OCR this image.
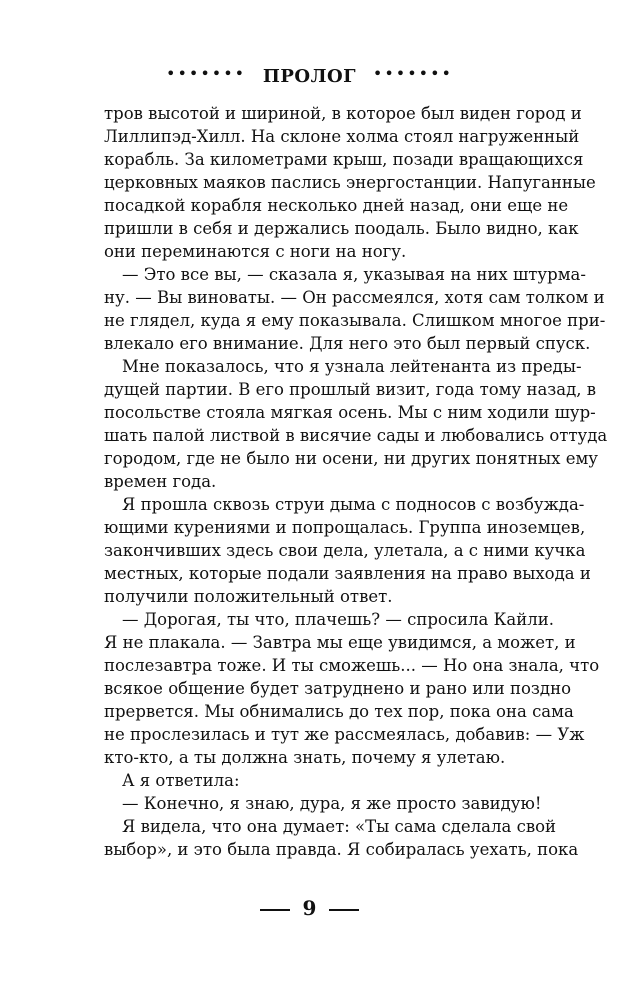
••••••• ПРОЛОГ •••••••
тров высотой и шириной, в которое был виден город и
Лиллипэд-Хилл. На склоне холма стоял нагруженный
корабль. За километрами крыш, позади вращающихся
церковных маяков паслись энергостанции. Напуганные
посадкой корабля несколько дней назад, они еще не
пришли в себя и держались поодаль. Было видно, как
они переминаются с ноги на ногу.
— Это все вы, — сказала я, указывая на них штурма-
ну. — Вы виноваты. — Он рассмеялся, хотя сам толком и
не глядел, куда я ему показывала. Слишком многое при-
влекало его внимание. Для него это был первый спуск.
Мне показалось, что я узнала лейтенанта из преды-
дущей партии. В его прошлый визит, года тому назад, в
посольстве стояла мягкая осень. Мы с ним ходили шур-
шать палой листвой в висячие сады и любовались оттуда
городом, где не было ни осени, ни других понятных ему
времен года.
Я прошла сквозь струи дыма с подносов с возбужда-
ющими курениями и попрощалась. Группа иноземцев,
закончивших здесь свои дела, улетала, а с ними кучка
местных, которые подали заявления на право выхода и
получили положительный ответ.
— Дорогая, ты что, плачешь? — спросила Кайли.
Я не плакала. — Завтра мы еще увидимся, а может, и
послезавтра тоже. И ты сможешь... — Но она знала, что
всякое общение будет затруднено и рано или поздно
прервется. Мы обнимались до тех пор, пока она сама
не прослезилась и тут же рассмеялась, добавив: — Уж
кто-кто, а ты должна знать, почему я улетаю.
А я ответила:
— Конечно, я знаю, дура, я же просто завидую!
Я видела, что она думает: «Ты сама сделала свой
выбор», и это была правда. Я собиралась уехать, пока
9
